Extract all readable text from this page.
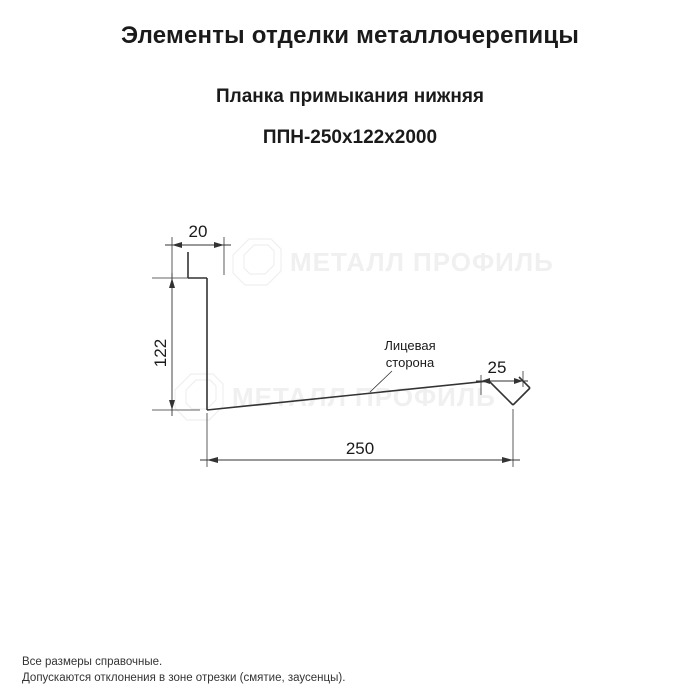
Элементы отделки металлочерепицы
Планка примыкания нижняя
ППН-250х122х2000
МЕТАЛЛ ПРОФИЛЬ
МЕТАЛЛ ПРОФИЛЬ
20
122
250
25
Лицевая
сторона
Все размеры справочные.
Допускаются отклонения в зоне отрезки (смятие, заусенцы).
